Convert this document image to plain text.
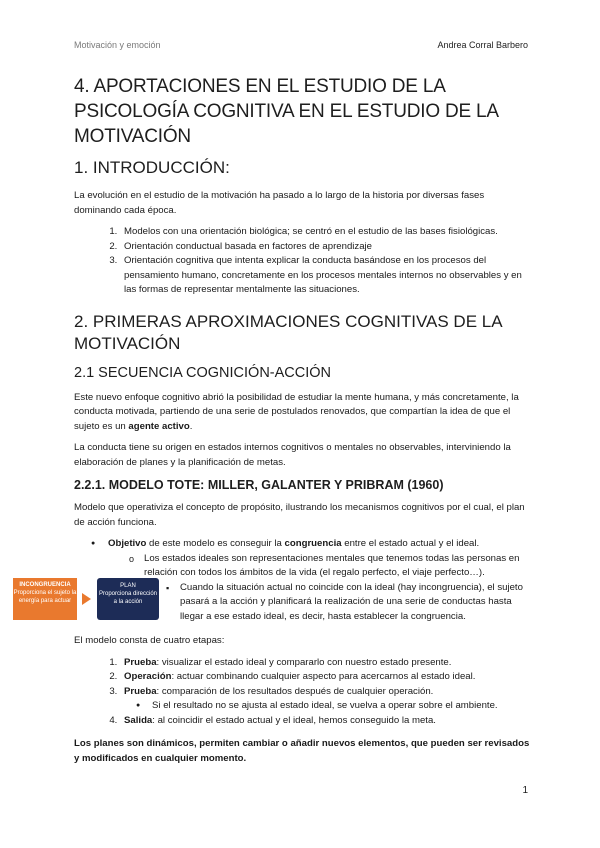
Motivación y emoción	Andrea Corral Barbero
4. APORTACIONES EN EL ESTUDIO DE LA PSICOLOGÍA COGNITIVA EN EL ESTUDIO DE LA MOTIVACIÓN
1. INTRODUCCIÓN:

La evolución en el estudio de la motivación ha pasado a lo largo de la historia por diversas fases dominando cada época.

1. Modelos con una orientación biológica; se centró en el estudio de las bases fisiológicas.
2. Orientación conductual basada en factores de aprendizaje
3. Orientación cognitiva que intenta explicar la conducta basándose en los procesos del pensamiento humano, concretamente en los procesos mentales internos no observables y en las formas de representar mentalmente las situaciones.
2. PRIMERAS APROXIMACIONES COGNITIVAS DE LA MOTIVACIÓN
2.1 SECUENCIA COGNICIÓN-ACCIÓN

Este nuevo enfoque cognitivo abrió la posibilidad de estudiar la mente humana, y más concretamente, la conducta motivada, partiendo de una serie de postulados renovados, que compartían la idea de que el sujeto es un agente activo.

La conducta tiene su origen en estados internos cognitivos o mentales no observables, interviniendo la elaboración de planes y la planificación de metas.

2.2.1. MODELO TOTE: MILLER, GALANTER Y PRIBRAM (1960)

Modelo que operativiza el concepto de propósito, ilustrando los mecanismos cognitivos por el cual, el plan de acción funciona.

● Objetivo de este modelo es conseguir la congruencia entre el estado actual y el ideal.
o Los estados ideales son representaciones mentales que tenemos todas las personas en relación con todos los ámbitos de la vida (el regalo perfecto, el viaje perfecto…).
▪ Cuando la situación actual no coincide con la ideal (hay incongruencia), el sujeto pasará a la acción y planificará la realización de una serie de conductas hasta llegar a ese estado ideal, es decir, hasta establecer la congruencia.

El modelo consta de cuatro etapas:

1. Prueba: visualizar el estado ideal y compararlo con nuestro estado presente.
2. Operación: actuar combinando cualquier aspecto para acercarnos al estado ideal.
3. Prueba: comparación de los resultados después de cualquier operación.
● Si el resultado no se ajusta al estado ideal, se vuelva a operar sobre el ambiente.
4. Salida: al coincidir el estado actual y el ideal, hemos conseguido la meta.

Los planes son dinámicos, permiten cambiar o añadir nuevos elementos, que pueden ser revisados y modificados en cualquier momento.

INCONGRUENCIA
Proporciona el sujeto la energía para actuar
PLAN
Proporciona dirección a la acción
1
